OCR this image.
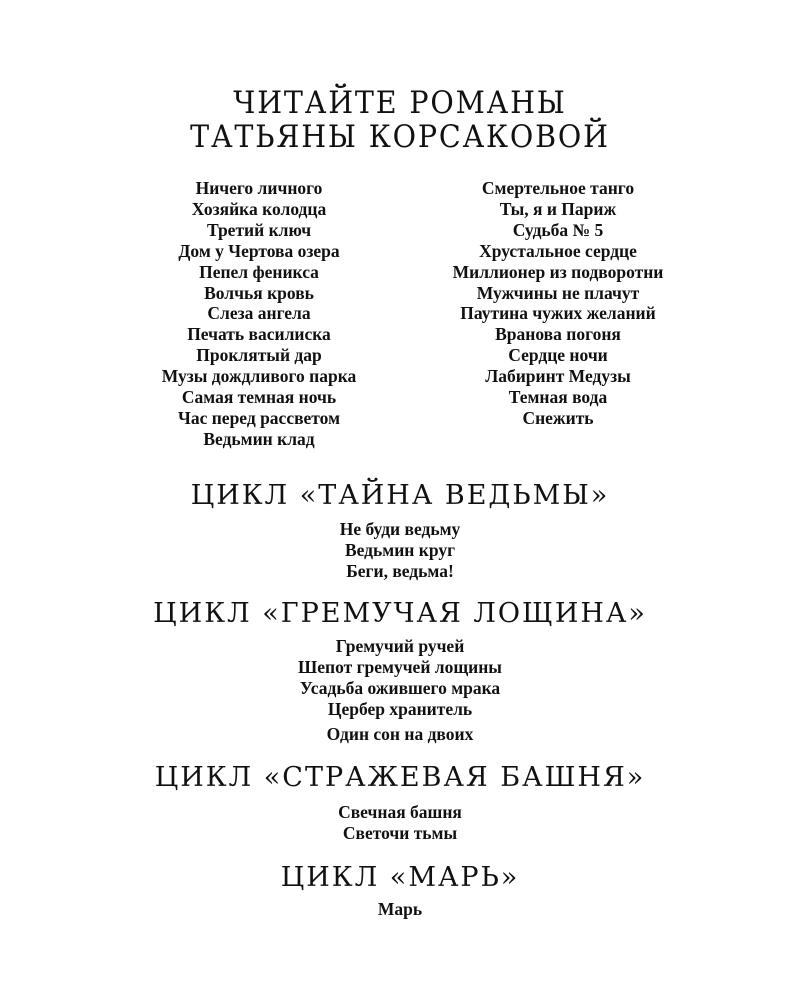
ЧИТАЙТЕ РОМАНЫ
ТАТЬЯНЫ КОРСАКОВОЙ
Ничего личного
Хозяйка колодца
Третий ключ
Дом у Чертова озера
Пепел феникса
Волчья кровь
Слеза ангела
Печать василиска
Проклятый дар
Музы дождливого парка
Самая темная ночь
Час перед рассветом
Ведьмин клад
Смертельное танго
Ты, я и Париж
Судьба № 5
Хрустальное сердце
Миллионер из подворотни
Мужчины не плачут
Паутина чужих желаний
Вранова погоня
Сердце ночи
Лабиринт Медузы
Темная вода
Снежить
ЦИКЛ «ТАЙНА ВЕДЬМЫ»
Не буди ведьму
Ведьмин круг
Беги, ведьма!
ЦИКЛ «ГРЕМУЧАЯ ЛОЩИНА»
Гремучий ручей
Шепот гремучей лощины
Усадьба ожившего мрака
Цербер хранитель
Один сон на двоих
ЦИКЛ «СТРАЖЕВАЯ БАШНЯ»
Свечная башня
Светочи тьмы
ЦИКЛ «МАРЬ»
Марь
